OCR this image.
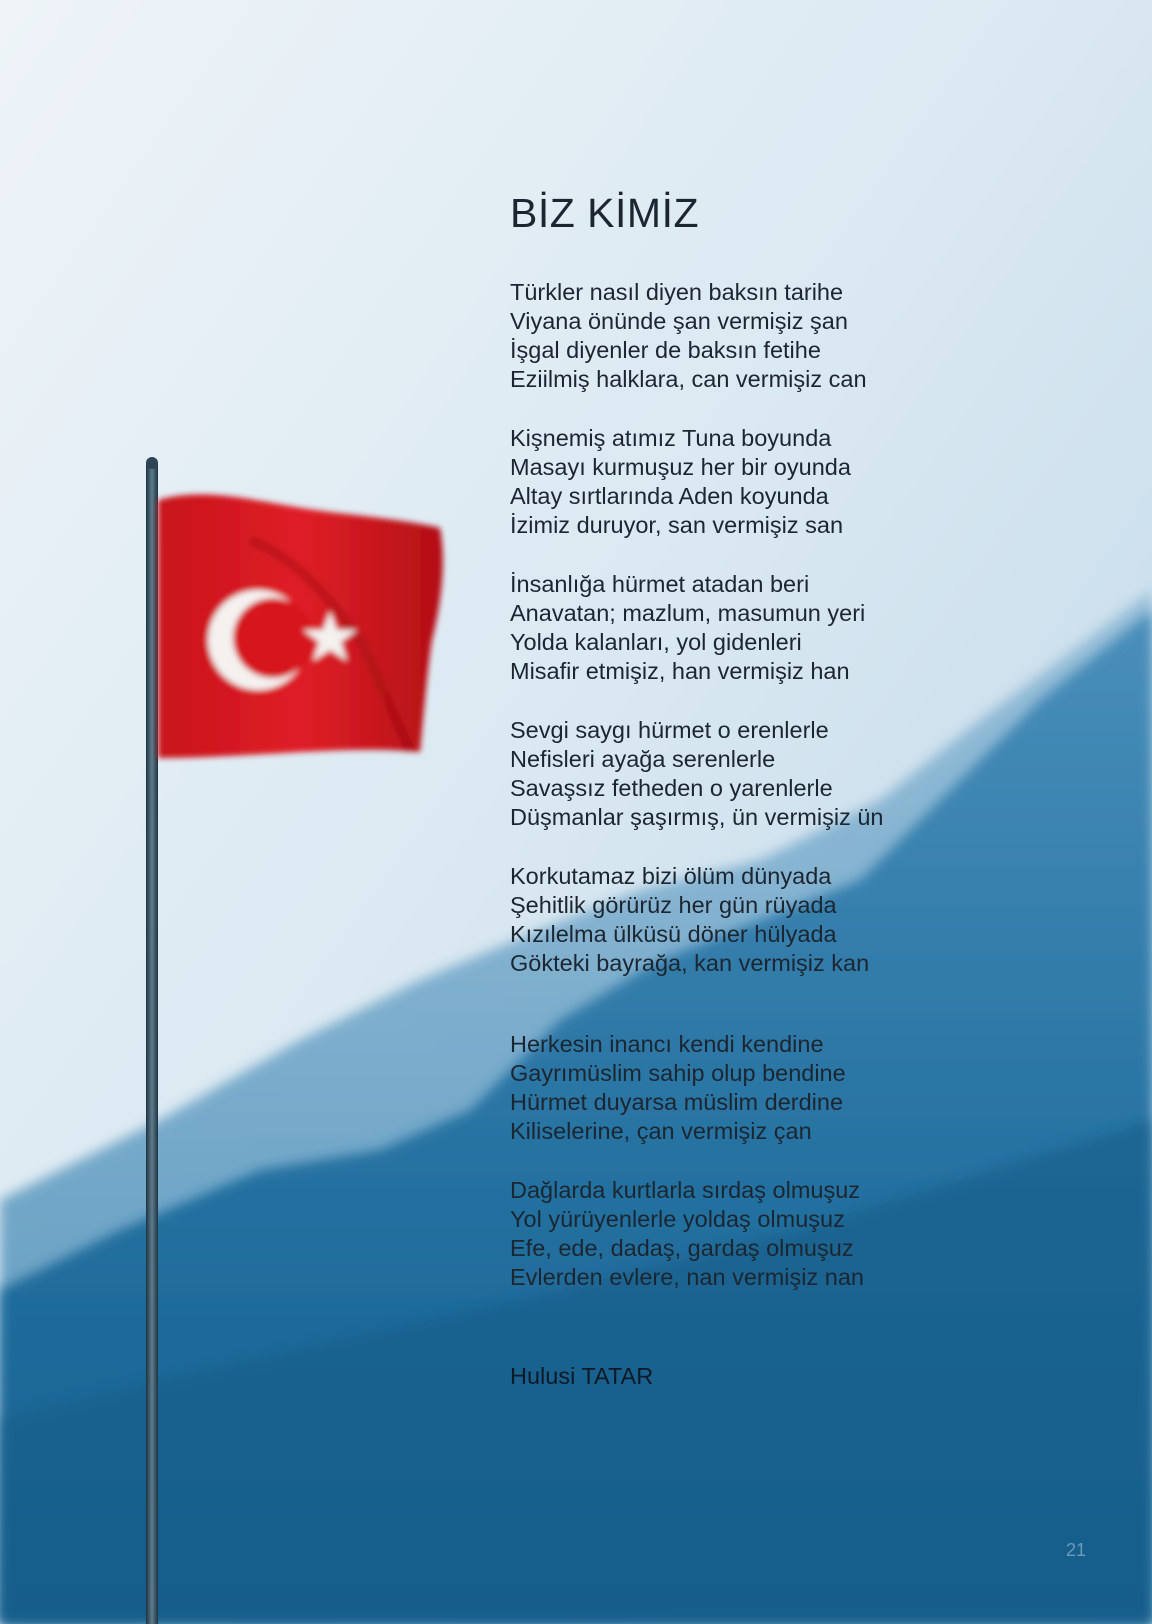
BİZ KİMİZ
Türkler nasıl diyen baksın tarihe
Viyana önünde şan vermişiz şan
İşgal diyenler de baksın fetihe
Eziilmiş halklara, can vermişiz can
Kişnemiş atımız Tuna boyunda
Masayı kurmuşuz her bir oyunda
Altay sırtlarında Aden koyunda
İzimiz duruyor, san vermişiz san
İnsanlığa hürmet atadan beri
Anavatan; mazlum, masumun yeri
Yolda kalanları, yol gidenleri
Misafir etmişiz, han vermişiz han
Sevgi saygı hürmet o erenlerle
Nefisleri ayağa serenlerle
Savaşsız fetheden o yarenlerle
Düşmanlar şaşırmış, ün vermişiz ün
Korkutamaz bizi ölüm dünyada
Şehitlik görürüz her gün rüyada
Kızılelma ülküsü döner hülyada
Gökteki bayrağa, kan vermişiz kan
Herkesin inancı kendi kendine
Gayrımüslim sahip olup bendine
Hürmet duyarsa müslim derdine
Kiliselerine, çan vermişiz çan
Dağlarda kurtlarla sırdaş olmuşuz
Yol yürüyenlerle yoldaş olmuşuz
Efe, ede, dadaş, gardaş olmuşuz
Evlerden evlere, nan vermişiz nan
Hulusi TATAR
21
